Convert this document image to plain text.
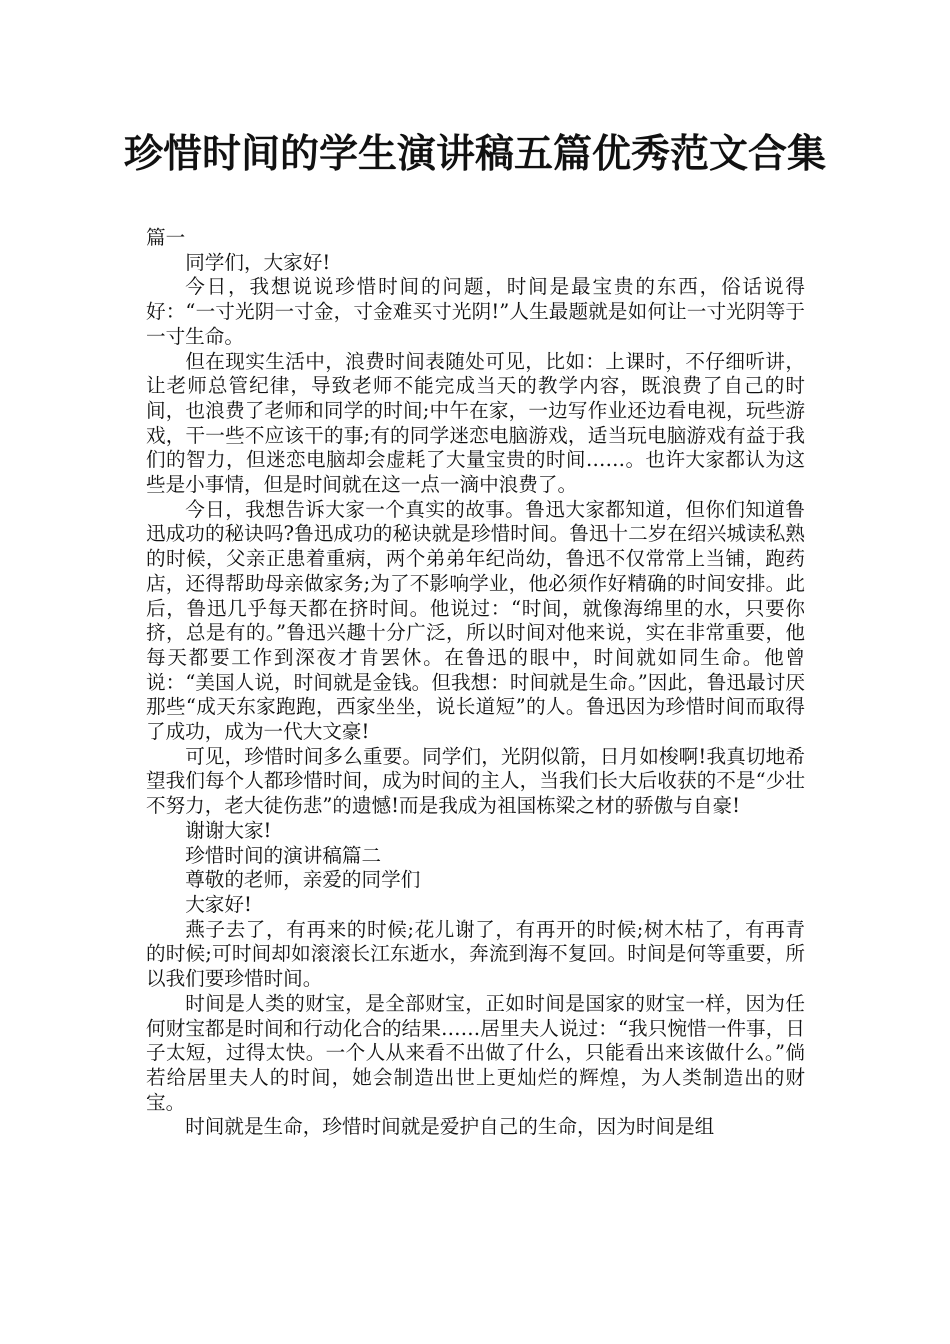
珍惜时间的学生演讲稿五篇优秀范文合集

篇一

同学们，大家好!

今日，我想说说珍惜时间的问题，时间是最宝贵的东西，俗话说得好：“一寸光阴一寸金，寸金难买寸光阴!”人生最题就是如何让一寸光阴等于一寸生命。

但在现实生活中，浪费时间表随处可见，比如：上课时，不仔细听讲，让老师总管纪律，导致老师不能完成当天的教学内容，既浪费了自己的时间，也浪费了老师和同学的时间;中午在家，一边写作业还边看电视，玩些游戏，干一些不应该干的事;有的同学迷恋电脑游戏，适当玩电脑游戏有益于我们的智力，但迷恋电脑却会虚耗了大量宝贵的时间……。也许大家都认为这些是小事情，但是时间就在这一点一滴中浪费了。

今日，我想告诉大家一个真实的故事。鲁迅大家都知道，但你们知道鲁迅成功的秘诀吗?鲁迅成功的秘诀就是珍惜时间。鲁迅十二岁在绍兴城读私熟的时候，父亲正患着重病，两个弟弟年纪尚幼，鲁迅不仅常常上当铺，跑药店，还得帮助母亲做家务;为了不影响学业，他必须作好精确的时间安排。此后，鲁迅几乎每天都在挤时间。他说过：“时间，就像海绵里的水，只要你挤，总是有的。”鲁迅兴趣十分广泛，所以时间对他来说，实在非常重要，他每天都要工作到深夜才肯罢休。在鲁迅的眼中，时间就如同生命。他曾说：“美国人说，时间就是金钱。但我想：时间就是生命。”因此，鲁迅最讨厌那些“成天东家跑跑，西家坐坐，说长道短”的人。鲁迅因为珍惜时间而取得了成功，成为一代大文豪!

可见，珍惜时间多么重要。同学们，光阴似箭，日月如梭啊!我真切地希望我们每个人都珍惜时间，成为时间的主人，当我们长大后收获的不是“少壮不努力，老大徒伤悲”的遗憾!而是我成为祖国栋梁之材的骄傲与自豪!

谢谢大家!

珍惜时间的演讲稿篇二

尊敬的老师，亲爱的同学们

大家好!

燕子去了，有再来的时候;花儿谢了，有再开的时候;树木枯了，有再青的时候;可时间却如滚滚长江东逝水，奔流到海不复回。时间是何等重要，所以我们要珍惜时间。

时间是人类的财宝，是全部财宝，正如时间是国家的财宝一样，因为任何财宝都是时间和行动化合的结果……居里夫人说过：“我只惋惜一件事，日子太短，过得太快。一个人从来看不出做了什么，只能看出来该做什么。”倘若给居里夫人的时间，她会制造出世上更灿烂的辉煌，为人类制造出的财宝。

时间就是生命，珍惜时间就是爱护自己的生命，因为时间是组
